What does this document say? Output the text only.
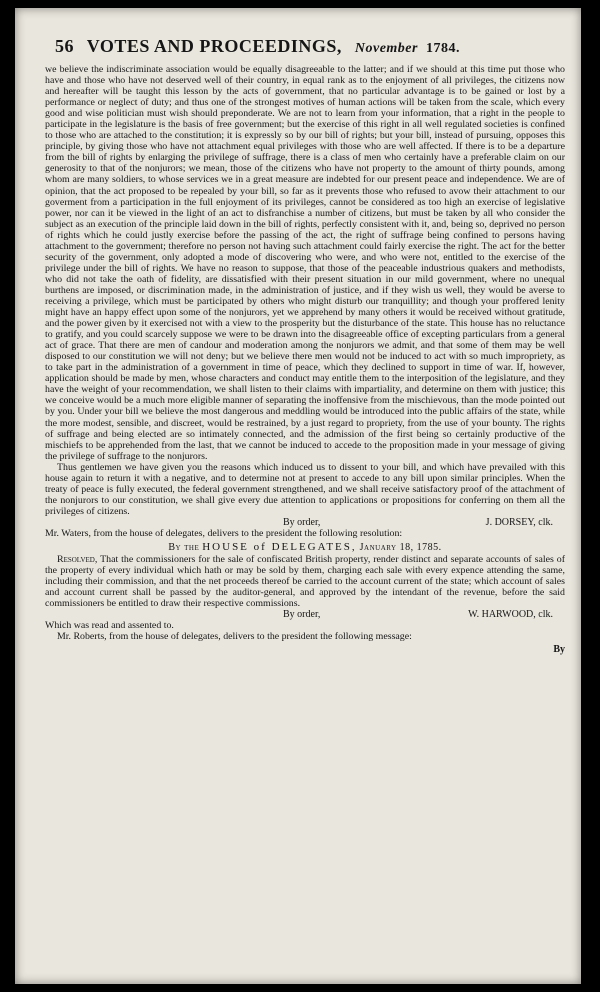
56 VOTES AND PROCEEDINGS, November 1784.

we believe the indiscriminate association would be equally disagreeable to the latter; and if we should at this time put those who have and those who have not deserved well of their country, in equal rank as to the enjoyment of all privileges, the citizens now and hereafter will be taught this lesson by the acts of government, that no particular advantage is to be gained or lost by a performance or neglect of duty; and thus one of the strongest motives of human actions will be taken from the scale, which every good and wise politician must wish should preponderate. We are not to learn from your information, that a right in the people to participate in the legislature is the basis of free government; but the exercise of this right in all well regulated societies is confined to those who are attached to the constitution; it is expressly so by our bill of rights; but your bill, instead of pursuing, opposes this principle, by giving those who have not attachment equal privileges with those who are well affected. If there is to be a departure from the bill of rights by enlarging the privilege of suffrage, there is a class of men who certainly have a preferable claim on our generosity to that of the nonjurors; we mean, those of the citizens who have not property to the amount of thirty pounds, among whom are many soldiers, to whose services we in a great measure are indebted for our present peace and independence. We are of opinion, that the act proposed to be repealed by your bill, so far as it prevents those who refused to avow their attachment to our goverment from a participation in the full enjoyment of its privileges, cannot be considered as too high an exercise of legislative power, nor can it be viewed in the light of an act to disfranchise a number of citizens, but must be taken by all who consider the subject as an execution of the principle laid down in the bill of rights, perfectly consistent with it, and, being so, deprived no person of rights which he could justly exercise before the passing of the act, the right of suffrage being confined to persons having attachment to the government; therefore no person not having such attachment could fairly exercise the right. The act for the better security of the government, only adopted a mode of discovering who were, and who were not, entitled to the exercise of the privilege under the bill of rights. We have no reason to suppose, that those of the peaceable industrious quakers and methodists, who did not take the oath of fidelity, are dissatisfied with their present situation in our mild government, where no unequal burthens are imposed, or discrimination made, in the administration of justice, and if they wish us well, they would be averse to receiving a privilege, which must be participated by others who might disturb our tranquillity; and though your proffered lenity might have an happy effect upon some of the nonjurors, yet we apprehend by many others it would be received without gratitude, and the power given by it exercised not with a view to the prosperity but the disturbance of the state. This house has no reluctance to gratify, and you could scarcely suppose we were to be drawn into the disagreeable office of excepting particulars from a general act of grace. That there are men of candour and moderation among the nonjurors we admit, and that some of them may be well disposed to our constitution we will not deny; but we believe there men would not be induced to act with so much impropriety, as to take part in the administration of a government in time of peace, which they declined to support in time of war. If, however, application should be made by men, whose characters and conduct may entitle them to the interposition of the legislature, and they have the weight of your recommendation, we shall listen to their claims with impartiality, and determine on them with justice; this we conceive would be a much more eligible manner of separating the inoffensive from the mischievous, than the mode pointed out by you. Under your bill we believe the most dangerous and meddling would be introduced into the public affairs of the state, while the more modest, sensible, and discreet, would be restrained, by a just regard to propriety, from the use of your bounty. The rights of suffrage and being elected are so intimately connected, and the admission of the first being so certainly productive of the mischiefs to be apprehended from the last, that we cannot be induced to accede to the proposition made in your message of giving the privilege of suffrage to the nonjurors.

Thus gentlemen we have given you the reasons which induced us to dissent to your bill, and which have prevailed with this house again to return it with a negative, and to determine not at present to accede to any bill upon similar principles. When the treaty of peace is fully executed, the federal government strengthened, and we shall receive satisfactory proof of the attachment of the nonjurors to our constitution, we shall give every due attention to applications or propositions for conferring on them all the privileges of citizens.

By order,	J. DORSEY, clk.

Mr. Waters, from the house of delegates, delivers to the president the following resolution:

By the HOUSE of DELEGATES, January 18, 1785.

Resolved, That the commissioners for the sale of confiscated British property, render distinct and separate accounts of sales of the property of every individual which hath or may be sold by them, charging each sale with every expence attending the same, including their commission, and that the net proceeds thereof be carried to the account current of the state; which account of sales and account current shall be passed by the auditor-general, and approved by the intendant of the revenue, before the said commissioners be entitled to draw their respective commissions.

By order,	W. HARWOOD, clk.

Which was read and assented to.

Mr. Roberts, from the house of delegates, delivers to the president the following message:

By
